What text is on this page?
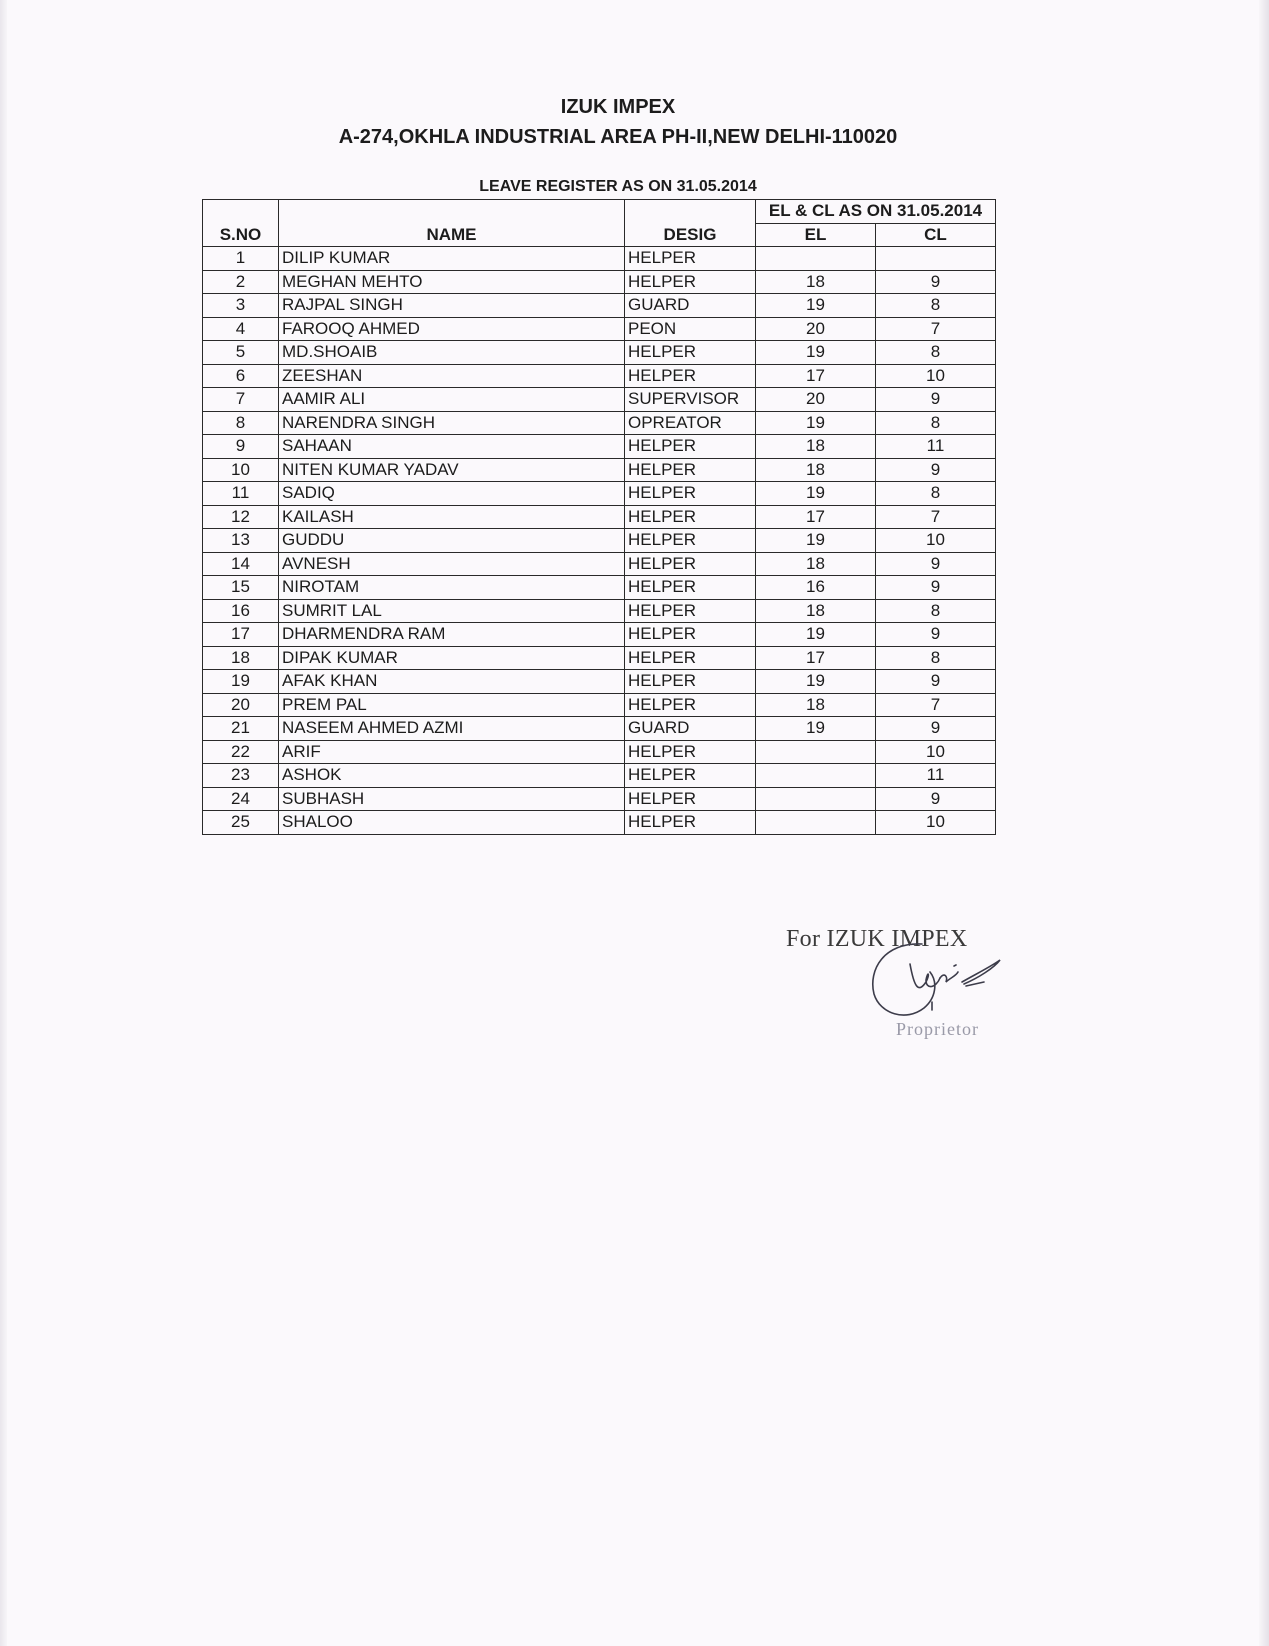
IZUK IMPEX
A-274,OKHLA INDUSTRIAL AREA PH-II,NEW DELHI-110020
LEAVE REGISTER AS ON 31.05.2014
S.NO	NAME	DESIG	EL & CL AS ON 31.05.2014	
			EL	CL
1	DILIP KUMAR	HELPER		
2	MEGHAN MEHTO	HELPER	18	9
3	RAJPAL SINGH	GUARD	19	8
4	FAROOQ AHMED	PEON	20	7
5	MD.SHOAIB	HELPER	19	8
6	ZEESHAN	HELPER	17	10
7	AAMIR ALI	SUPERVISOR	20	9
8	NARENDRA SINGH	OPREATOR	19	8
9	SAHAAN	HELPER	18	11
10	NITEN KUMAR YADAV	HELPER	18	9
11	SADIQ	HELPER	19	8
12	KAILASH	HELPER	17	7
13	GUDDU	HELPER	19	10
14	AVNESH	HELPER	18	9
15	NIROTAM	HELPER	16	9
16	SUMRIT LAL	HELPER	18	8
17	DHARMENDRA RAM	HELPER	19	9
18	DIPAK KUMAR	HELPER	17	8
19	AFAK KHAN	HELPER	19	9
20	PREM PAL	HELPER	18	7
21	NASEEM AHMED AZMI	GUARD	19	9
22	ARIF	HELPER		10
23	ASHOK	HELPER		11
24	SUBHASH	HELPER		9
25	SHALOO	HELPER		10

For IZUK IMPEX

Proprietor
